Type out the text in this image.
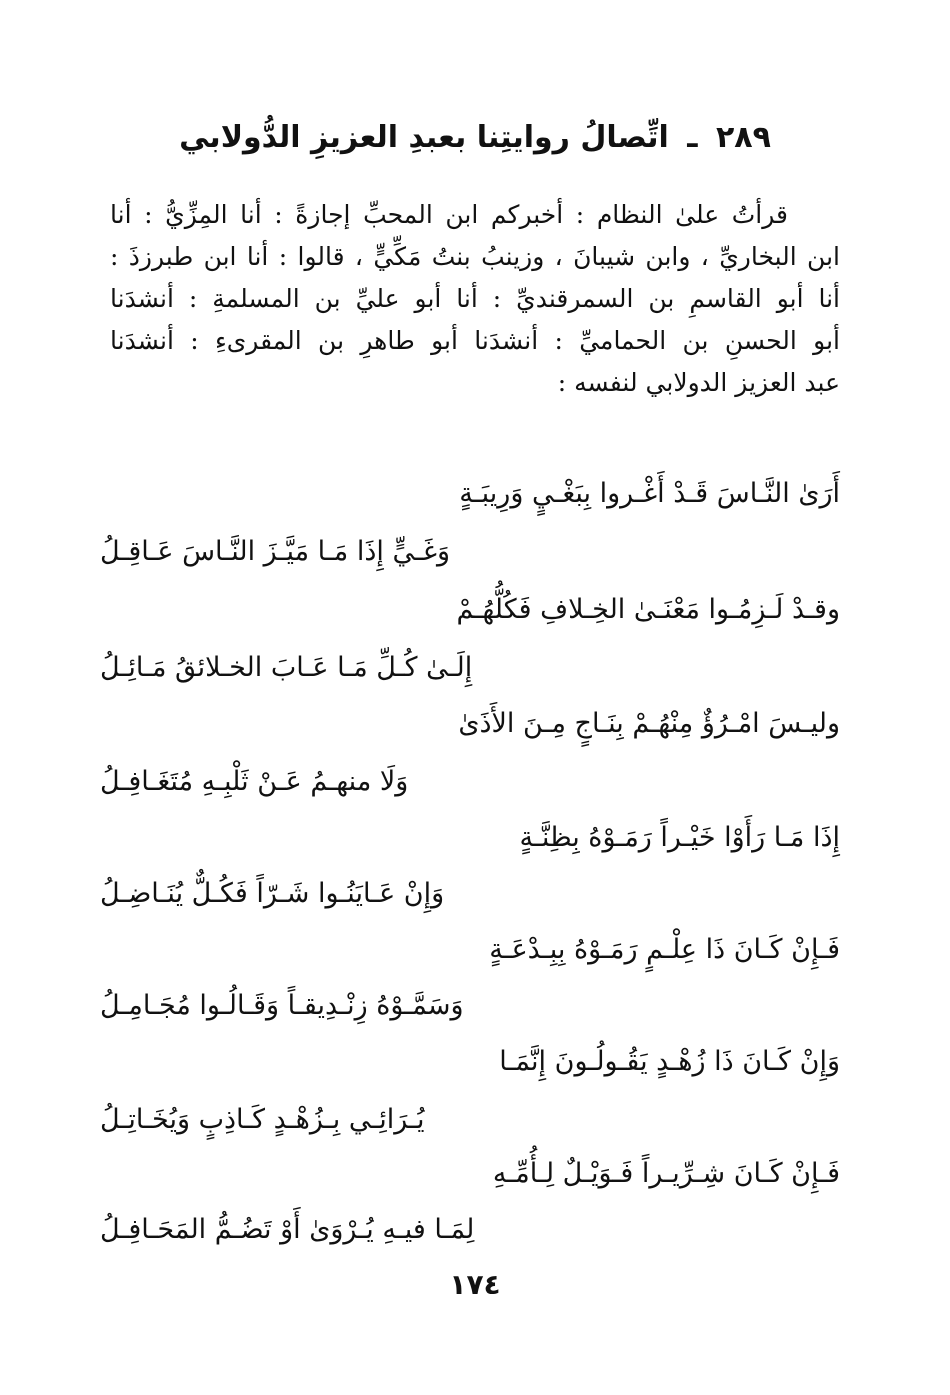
٢٨٩ ـ اتِّصالُ روايتِنا بعبدِ العزيزِ الدُّولابي
قرأتُ علىٰ النظام : أخبركم ابن المحبِّ إجازةً : أنا المِزِّيُّ : أنا
ابن البخاريِّ ، وابن شيبانَ ، وزينبُ بنتُ مَكِّيٍّ ، قالوا : أنا ابن طبرزذَ :
أنا أبو القاسمِ بن السمرقنديِّ : أنا أبو عليِّ بن المسلمةِ : أنشدَنا
أبو الحسنِ بن الحماميِّ : أنشدَنا أبو طاهرِ بن المقرىءِ : أنشدَنا
عبد العزيز الدولابي لنفسه :
أَرَىٰ النَّـاسَ قَـدْ أَغْـروا بِبَغْـيٍ وَرِيبَـةٍ
وَغَـيٍّ إِذَا مَـا مَيَّـزَ النَّـاسَ عَـاقِـلُ
وقـدْ لَـزِمُـوا مَعْنَـىٰ الخِـلافِ فَكُلُّهُـمْ
إِلَـىٰ كُـلِّ مَـا عَـابَ الخـلائقُ مَـائِـلُ
وليـسَ امْـرُؤٌ مِنْهُـمْ بِنَـاجٍ مِـنَ الأَذَىٰ
وَلَا منهـمُ عَـنْ ثَلْبِـهِ مُتَغَـافِـلُ
إِذَا مَـا رَأَوْا خَيْـراً رَمَـوْهُ بِظِنَّـةٍ
وَإِنْ عَـايَنُـوا شَـرّاً فَكُـلٌّ يُنَـاضِـلُ
فَـإِنْ كَـانَ ذَا عِلْـمٍ رَمَـوْهُ بِبِـدْعَـةٍ
وَسَمَّـوْهُ زِنْـدِيقـاً وَقَـالُـوا مُجَـامِـلُ
وَإِنْ كَـانَ ذَا زُهْـدٍ يَقُـولُـونَ إِنَّمَـا
يُـرَائِـي بِـزُهْـدٍ كَـاذِبٍ وَيُخَـاتِـلُ
فَـإِنْ كَـانَ شِـرِّيـراً فَـوَيْـلٌ لِـأُمِّـهِ
لِمَـا فيـهِ يُـرْوَىٰ أَوْ تَضُـمُّ المَحَـافِـلُ
١٧٤
